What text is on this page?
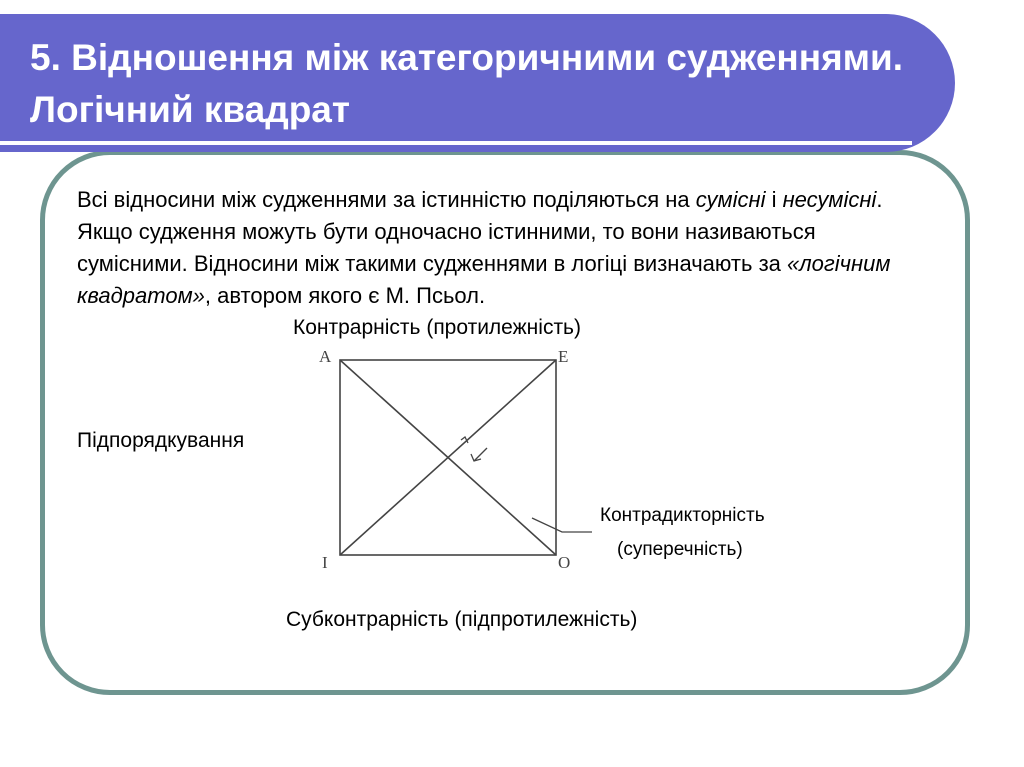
5. Відношення між категоричними судженнями. Логічний квадрат

Всі відносини між судженнями за істинністю поділяються на сумісні і несумісні. Якщо судження можуть бути одночасно істинними, то вони називаються сумісними. Відносини між такими судженнями в логіці визначають за «логічним квадратом», автором якого є М. Псьол.

Контрарність (протилежність)

Підпорядкування

A	E
I	O

Контрадикторність

(суперечність)

Субконтрарність (підпротилежність)
